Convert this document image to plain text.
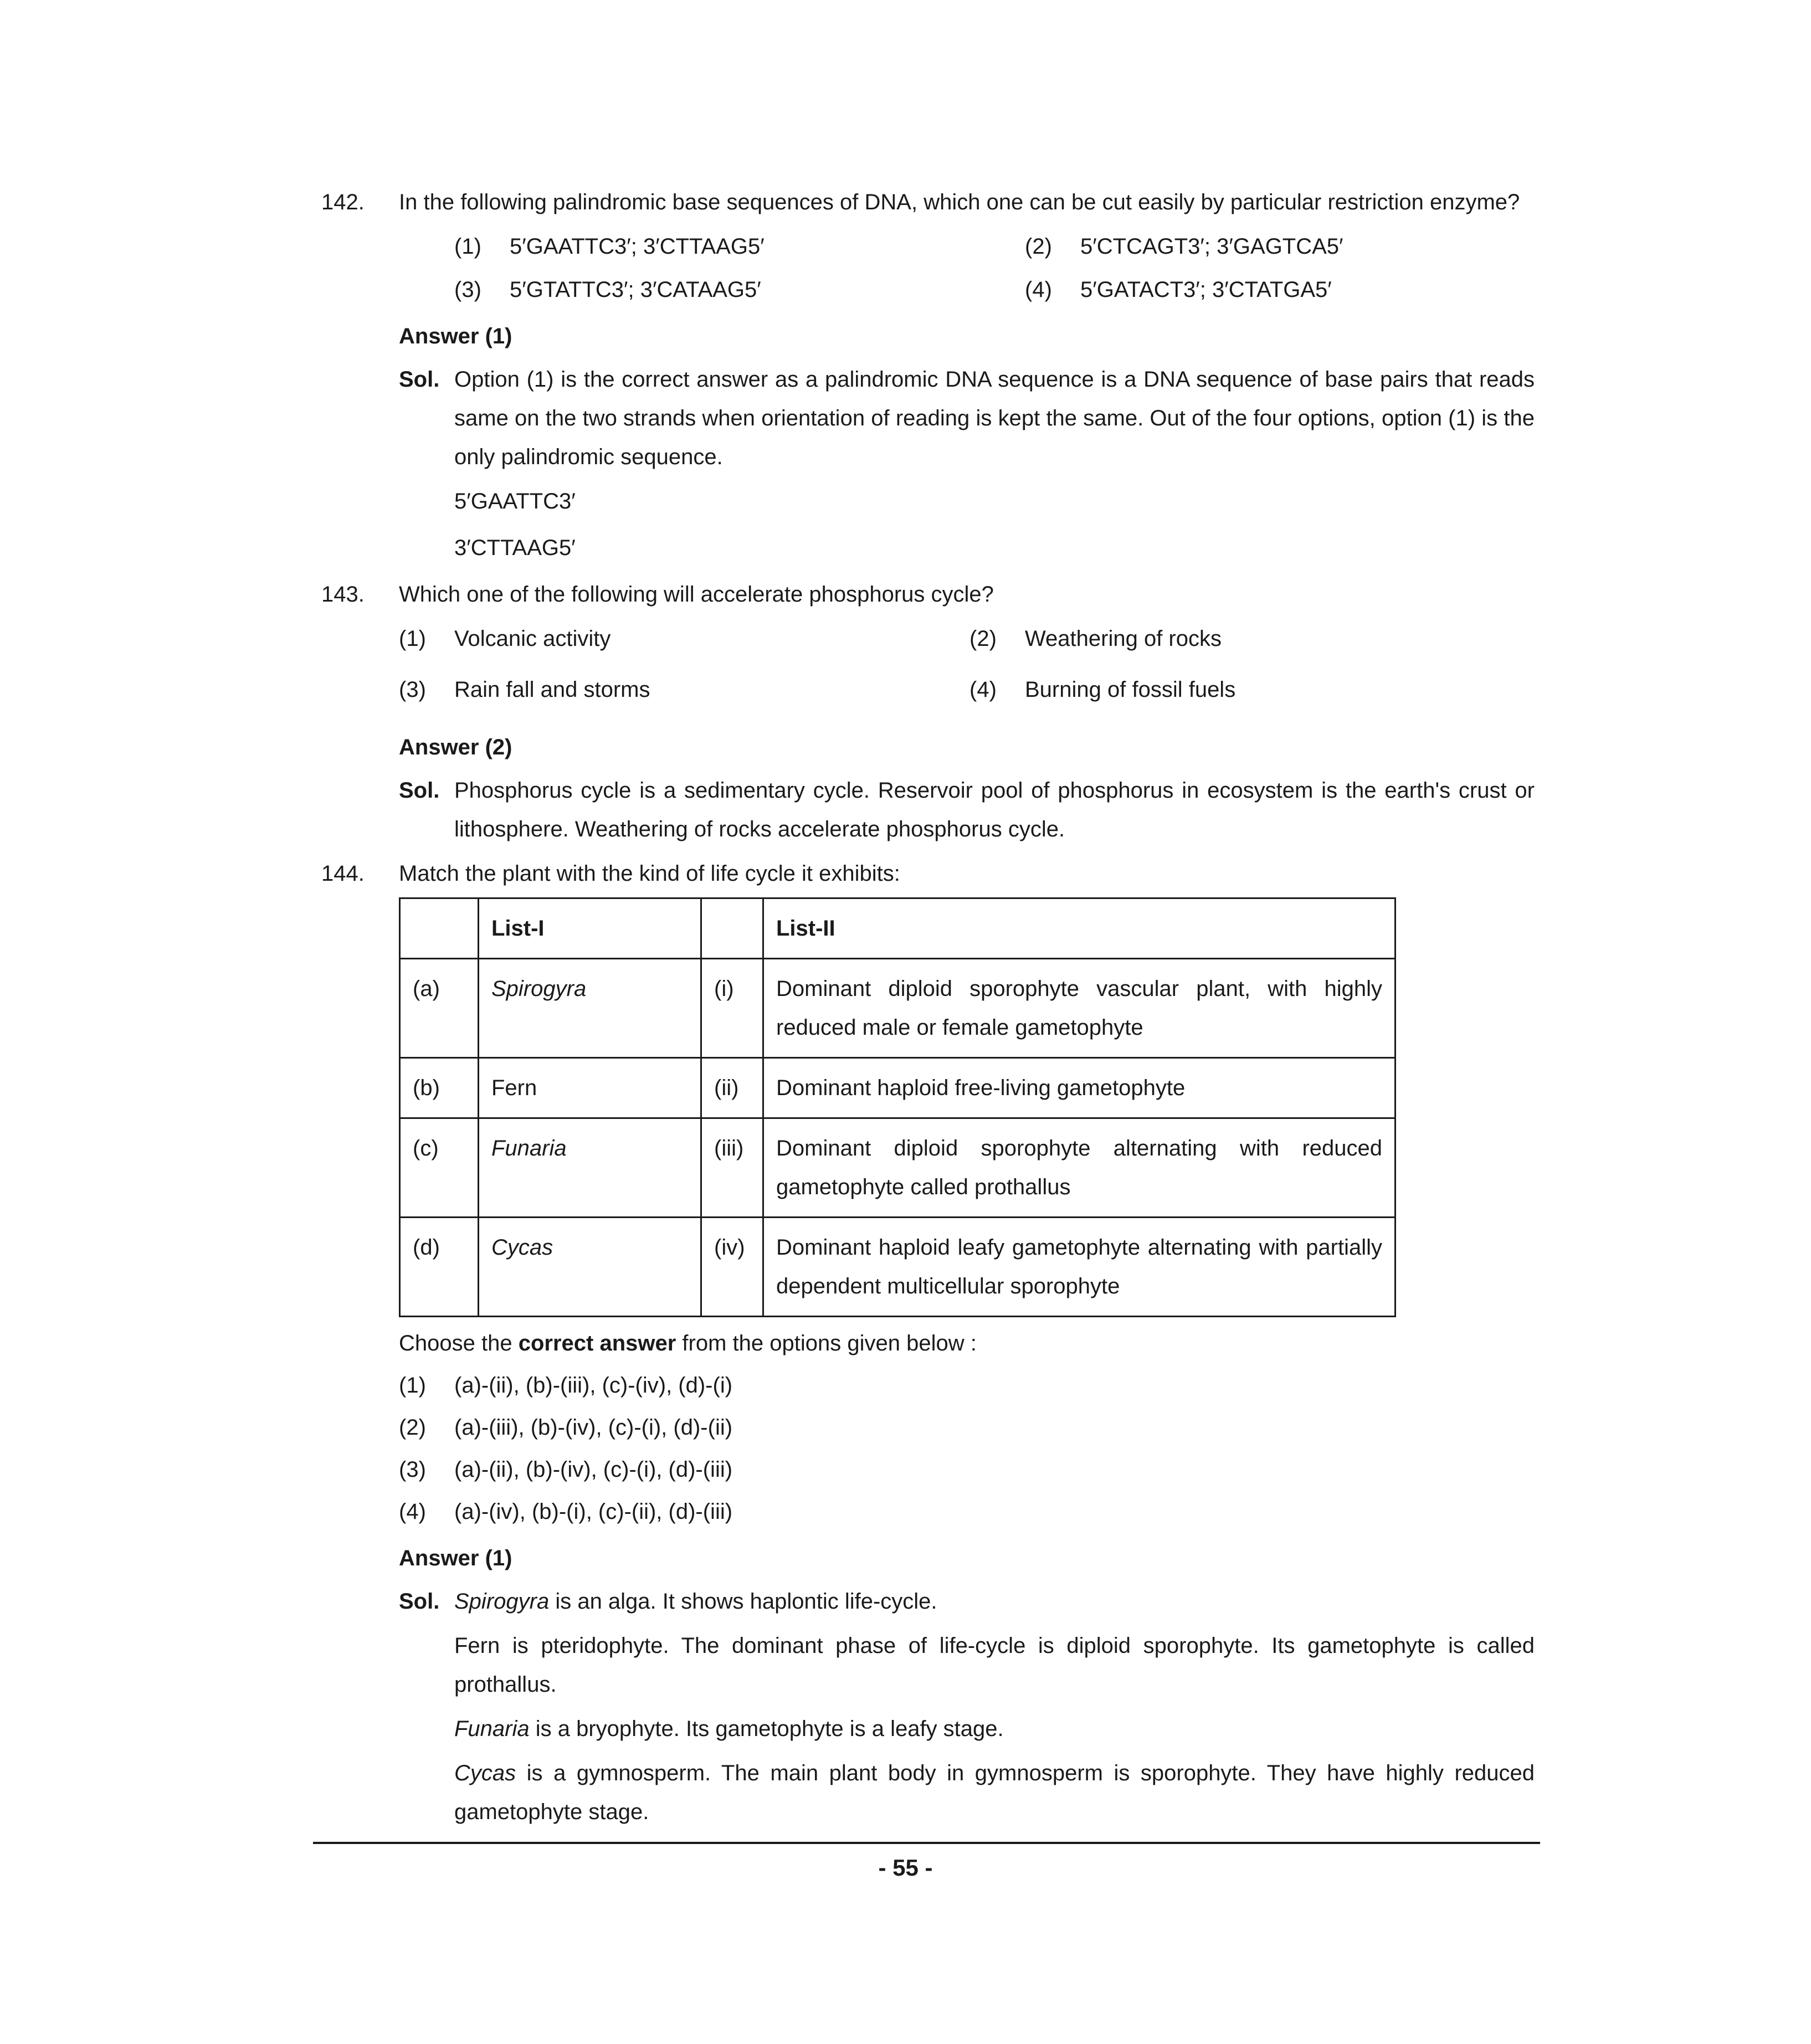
142.	In the following palindromic base sequences of DNA, which one can be cut easily by particular restriction enzyme?

(1)	5′GAATTC3′; 3′CTTAAG5′	(2)	5′CTCAGT3′; 3′GAGTCA5′
(3)	5′GTATTC3′; 3′CATAAG5′	(4)	5′GATACT3′; 3′CTATGA5′
Answer (1)
Sol. Option (1) is the correct answer as a palindromic DNA sequence is a DNA sequence of base pairs that reads same on the two strands when orientation of reading is kept the same. Out of the four options, option (1) is the only palindromic sequence.

5′GAATTC3′

3′CTTAAG5′

143.	Which one of the following will accelerate phosphorus cycle?

(1)	Volcanic activity	(2)	Weathering of rocks
(3)	Rain fall and storms	(4)	Burning of fossil fuels
Answer (2)
Sol. Phosphorus cycle is a sedimentary cycle. Reservoir pool of phosphorus in ecosystem is the earth's crust or lithosphere. Weathering of rocks accelerate phosphorus cycle.

144.	Match the plant with the kind of life cycle it exhibits:

	List-I		List-II
(a)	Spirogyra	(i)	Dominant diploid sporophyte vascular plant, with highly reduced male or female gametophyte
(b)	Fern	(ii)	Dominant haploid free-living gametophyte
(c)	Funaria	(iii)	Dominant diploid sporophyte alternating with reduced gametophyte called prothallus
(d)	Cycas	(iv)	Dominant haploid leafy gametophyte alternating with partially dependent multicellular sporophyte

Choose the correct answer from the options given below :

(1)	(a)-(ii), (b)-(iii), (c)-(iv), (d)-(i)
(2)	(a)-(iii), (b)-(iv), (c)-(i), (d)-(ii)
(3)	(a)-(ii), (b)-(iv), (c)-(i), (d)-(iii)
(4)	(a)-(iv), (b)-(i), (c)-(ii), (d)-(iii)
Answer (1)
Sol. Spirogyra is an alga. It shows haplontic life-cycle.

Fern is pteridophyte. The dominant phase of life-cycle is diploid sporophyte. Its gametophyte is called prothallus.

Funaria is a bryophyte. Its gametophyte is a leafy stage.

Cycas is a gymnosperm. The main plant body in gymnosperm is sporophyte. They have highly reduced gametophyte stage.

- 55 -
